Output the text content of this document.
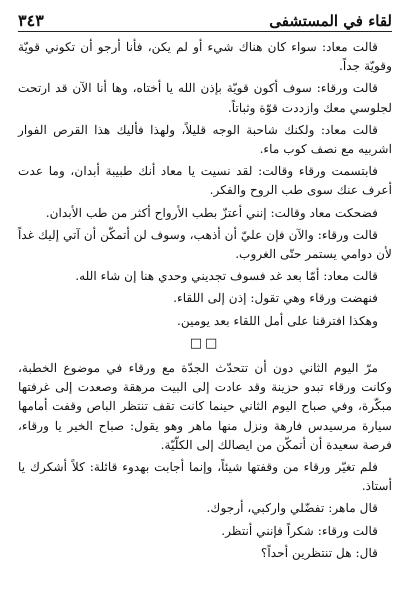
لقاء في المستشفى
٣٤٣

قالت معاد: سواء كان هناك شيء أو لم يكن، فأنا أرجو أن تكوني قويّة وقويّة جداً.

قالت ورقاء: سوف أكون قويّة بإذن الله يا أختاه، وها أنا الآن قد ارتحت لجلوسي معك وازددت قوّة وثباتاً.

قالت معاد: ولكنك شاحبة الوجه قليلاً، ولهذا فأليك هذا القرص الفوار اشربيه مع نصف كوب ماء.

فابتسمت ورقاء وقالت: لقد نسيت يا معاد أنك طبيبة أبدان، وما عدت أعرف عنك سوى طب الروح والفكر.

فضحكت معاد وقالت: إنني أعتزّ بطب الأرواح أكثر من طب الأبدان.

قالت ورقاء: والآن فإن عليّ أن أذهب، وسوف لن أتمكّن أن آتي إليك غداً لأن دوامي يستمر حتّى الغروب.

قالت معاد: أمّا بعد غد فسوف تجديني وحدي هنا إن شاء الله.

فنهضت ورقاء وهي تقول: إذن إلى اللقاء.

وهكذا افترقنا على أمل اللقاء بعد يومين.

□□

مرّ اليوم الثاني دون أن تتحدّث الجدّة مع ورقاء في موضوع الخطبة، وكانت ورقاء تبدو حزينة وقد عادت إلى البيت مرهقة وصعدت إلى غرفتها مبكّرة، وفي صباح اليوم الثاني حينما كانت تقف تنتظر الباص وقفت أمامها سيارة مرسيدس فارهة ونزل منها ماهر وهو يقول: صباح الخير يا ورقاء، فرصة سعيدة أن أتمكّن من ايصالك إلى الكلّيّة.

فلم تغيّر ورقاء من وقفتها شيئاً، وإنما أجابت بهدوء قائلة: كلاً أشكرك يا أستاذ.

قال ماهر: تفضّلي واركبي، أرجوك.

قالت ورقاء: شكراً فإنني أنتظر.

قال: هل تنتظرين أحداً؟
